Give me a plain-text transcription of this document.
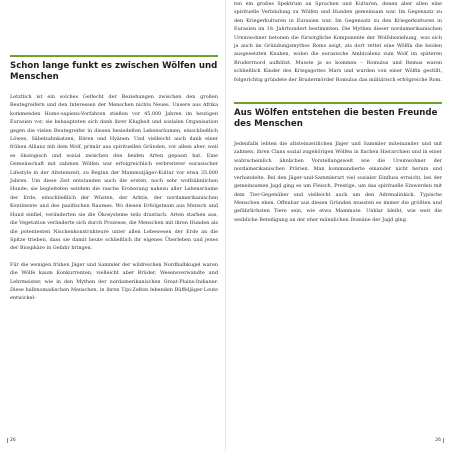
Schon lange funkt es zwischen Wölfen und Menschen

Letztlich ist ein solches Geflecht der Beziehungen zwischen den großen Beutegreifern und den Interessen der Menschen nichts Neues. Unsere aus Afrika kommenden Homo-sapiens-Vorfahren stießen vor 45.000 Jahren im heutigen Eurasien vor, sie behaupteten sich dank ihrer Klugheit und sozialen Organisation gegen die vielen Beutegreifer in diesen besiedelten Lebensräumen, einschließlich Löwen, Säbelzahnkatzen, Bären und Hyänen. Und vielleicht auch dank einer frühen Allianz mit dem Wolf, primär aus spirituellen Gründen, vor allem aber, weil es ökologisch und sozial zwischen den beiden Arten gepasst hat. Eine Gemeinschaft mit zahmen Wölfen war erfolgreichlich verbreiteter eurasischer Lifestyle in der Altsteinzeit, zu Beginn der Mammutjäger-Kultur vor etwa 35.000 Jahren. Um diese Zeit entstanden auch die ersten, noch sehr wolfsähnlichen Hunde; sie begleiteten seitdem die rasche Eroberung nahezu aller Lebensräume der Erde, einschließlich der Wüsten, der Arktis, der nordamerikanischen Kontinente und des pazifischen Raumes. Wo diesen Erfolgsteam aus Mensch und Hund einfiel, veränderten sie die Ökosysteme teils drastisch. Arten starben aus, die Vegetation veränderte sich durch Prozesse, die Menschen mit ihren Hunden als die potentesten Nischenkonstrukteure unter allen Lebewesen der Erde an die Spitze trieben, dass sie damit heute schließlich ihr eigenes Überleben und jenes der Biosphäre in Gefahr bringen.

Für die wenigen frühen Jäger und Sammler der wildreichen Nordhalbkugel waren die Wölfe kaum Konkurrenten, vielleicht aber Brüder, Wesensverwandte und Lehrmeister, wie in den Mythen der nordamerikanischen Great-Plains-Indianer. Diese halbnomadischen Menschen, in ihren Tipi-Zelten lebenden Büffeljäger-Leute entwickel-

26

ten ein großes Spektrum an Sprachen und Kulturen, denen aber allen eine spirituelle Verbindung zu Wölfen und Hunden gemeinsam war. Im Gegensatz zu den Kriegerkulturen in Eurasien war. Im Gegensatz zu den Kriegerkulturen in Eurasien im 18. Jahrhundert bestimmten. Die Mythen dieser nordamerikanischen Ureinwohner betonen die fürsorgliche Komponente der Wolfsbeziehung, was sich ja auch im Gründungsmythos Roms zeigt, als dort rettet eine Wölfin die beiden ausgesetzten Knaben, wobei die eurasische Ambivalenz zum Wolf im späteren Bruderrnord aufblitzt. Musste ja so kommen – Romulus und Remus waren schließlich Kinder des Kriegsgottes Mars und wurden von einer Wölfin gestillt, folgerichtig gründete der Brudermörder Romulus das militärisch erfolgreiche Rom.

Aus Wölfen entstehen die besten Freunde des Menschen

Jedenfalls lebten die altsteinzeitlichen Jäger und Sammler miteinander und mit zahmen, ihren Clans sozial zugehörigen Wölfen in flachen Hierarchien und in einer wahrscheinlich ähnlichen Vorstellungswelt wie die Ureinwohner der nordamerikanischen Prärien. Man kommandierte einander nicht herum und verhandelte. Bei den Jäger-und-Sammlerart viel sozialer Einfluss erreicht, bei der gemeinsamen Jagd ging es um Fleisch, Prestige, um das spirituelle Einwerden mit dem Tier-Gegenüber und vielleicht auch um den Adrenalinkick. Typische Menschen eben. Offenbar aus diesen Gründen mussten es immer die größten und gefährlichsten Tiere sein, wie etwa Mammute. Unklar bleibt, wie weit die weibliche Beteiligung an der eher männlichen Domäne der Jagd ging.

26
